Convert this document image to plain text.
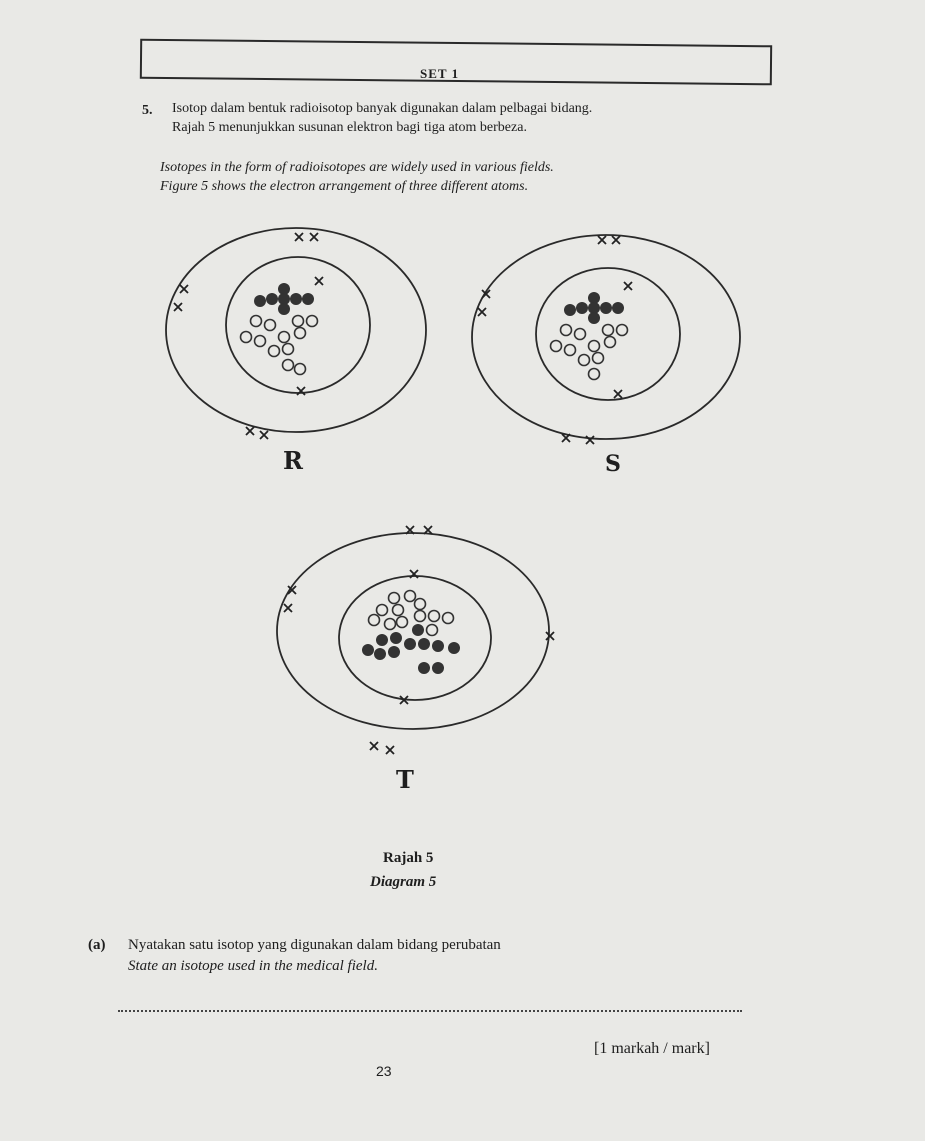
SET 1
5. Isotop dalam bentuk radioisotop banyak digunakan dalam pelbagai bidang.
Rajah 5 menunjukkan susunan elektron bagi tiga atom berbeza.
Isotopes in the form of radioisotopes are widely used in various fields.
Figure 5 shows the electron arrangement of three different atoms.
R	S
T
Rajah 5
Diagram 5
(a) Nyatakan satu isotop yang digunakan dalam bidang perubatan
State an isotope used in the medical field.
[1 markah / mark]
23
